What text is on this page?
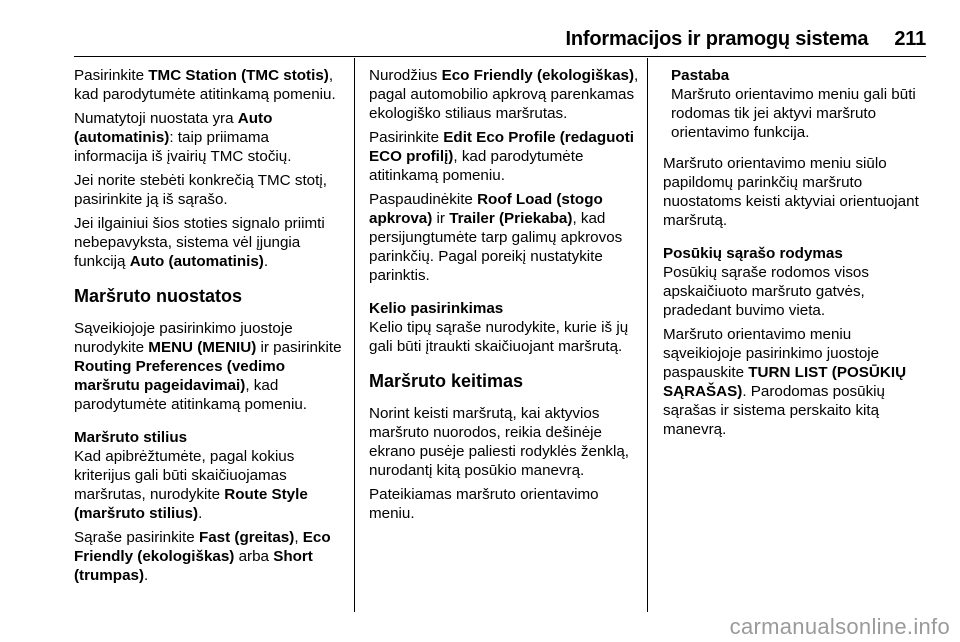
Informacijos ir pramogų sistema 211

Pasirinkite TMC Station (TMC stotis), kad parodytumėte atitinkamą pomeniu.

Numatytoji nuostata yra Auto (automatinis): taip priimama informacija iš įvairių TMC stočių.

Jei norite stebėti konkrečią TMC stotį, pasirinkite ją iš sąrašo.

Jei ilgainiui šios stoties signalo priimti nebepavyksta, sistema vėl įjungia funkciją Auto (automatinis).

Maršruto nuostatos

Sąveikiojoje pasirinkimo juostoje nurodykite MENU (MENIU) ir pasirinkite Routing Preferences (vedimo maršrutu pageidavimai), kad parodytumėte atitinkamą pomeniu.

Maršruto stilius

Kad apibrėžtumėte, pagal kokius kriterijus gali būti skaičiuojamas maršrutas, nurodykite Route Style (maršruto stilius).

Sąraše pasirinkite Fast (greitas), Eco Friendly (ekologiškas) arba Short (trumpas).

Nurodžius Eco Friendly (ekologiškas), pagal automobilio apkrovą parenkamas ekologiško stiliaus maršrutas.

Pasirinkite Edit Eco Profile (redaguoti ECO profilį), kad parodytumėte atitinkamą pomeniu.

Paspaudinėkite Roof Load (stogo apkrova) ir Trailer (Priekaba), kad persijungtumėte tarp galimų apkrovos parinkčių. Pagal poreikį nustatykite parinktis.

Kelio pasirinkimas

Kelio tipų sąraše nurodykite, kurie iš jų gali būti įtraukti skaičiuojant maršrutą.

Maršruto keitimas

Norint keisti maršrutą, kai aktyvios maršruto nuorodos, reikia dešinėje ekrano pusėje paliesti rodyklės ženklą, nurodantį kitą posūkio manevrą.

Pateikiamas maršruto orientavimo meniu.

Pastaba
Maršruto orientavimo meniu gali būti rodomas tik jei aktyvi maršruto orientavimo funkcija.

Maršruto orientavimo meniu siūlo papildomų parinkčių maršruto nuostatoms keisti aktyviai orientuojant maršrutą.

Posūkių sąrašo rodymas

Posūkių sąraše rodomos visos apskaičiuoto maršruto gatvės, pradedant buvimo vieta.

Maršruto orientavimo meniu sąveikiojoje pasirinkimo juostoje paspauskite TURN LIST (POSŪKIŲ SĄRAŠAS). Parodomas posūkių sąrašas ir sistema perskaito kitą manevrą.

carmanualsonline.info
